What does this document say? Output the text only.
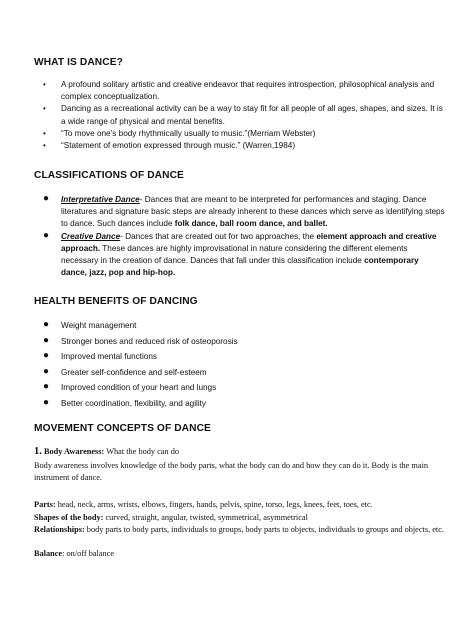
WHAT IS DANCE?
• A profound solitary artistic and creative endeavor that requires introspection, philosophical analysis and complex conceptualization.
• Dancing as a recreational activity can be a way to stay fit for all people of all ages, shapes, and sizes. It is a wide range of physical and mental benefits.
• “To move one’s body rhythmically usually to music.”(Merriam Webster)
• “Statement of emotion expressed through music.” (Warren,1984)
CLASSIFICATIONS OF DANCE
● Interpretative Dance- Dances that are meant to be interpreted for performances and staging. Dance literatures and signature basic steps are already inherent to these dances which serve as identifying steps to dance. Such dances include folk dance, ball room dance, and ballet.
● Creative Dance- Dances that are created out for two approaches, the element approach and creative approach. These dances are highly improvisational in nature considering the different elements necessary in the creation of dance. Dances that fall under this classification include contemporary dance, jazz, pop and hip-hop.
HEALTH BENEFITS OF DANCING
● Weight management
● Stronger bones and reduced risk of osteoporosis
● Improved mental functions
● Greater self-confidence and self-esteem
● Improved condition of your heart and lungs
● Better coordination, flexibility, and agility
MOVEMENT CONCEPTS OF DANCE
1. Body Awareness: What the body can do
Body awareness involves knowledge of the body parts, what the body can do and how they can do it. Body is the main instrument of dance.
Parts: head, neck, arms, wrists, elbows, fingers, hands, pelvis, spine, torso, legs, knees, feet, toes, etc.
Shapes of the body: curved, straight, angular, twisted, symmetrical, asymmetrical
Relationships: body parts to body parts, individuals to groups, body parts to objects, individuals to groups and objects, etc.
Balance: on/off balance
